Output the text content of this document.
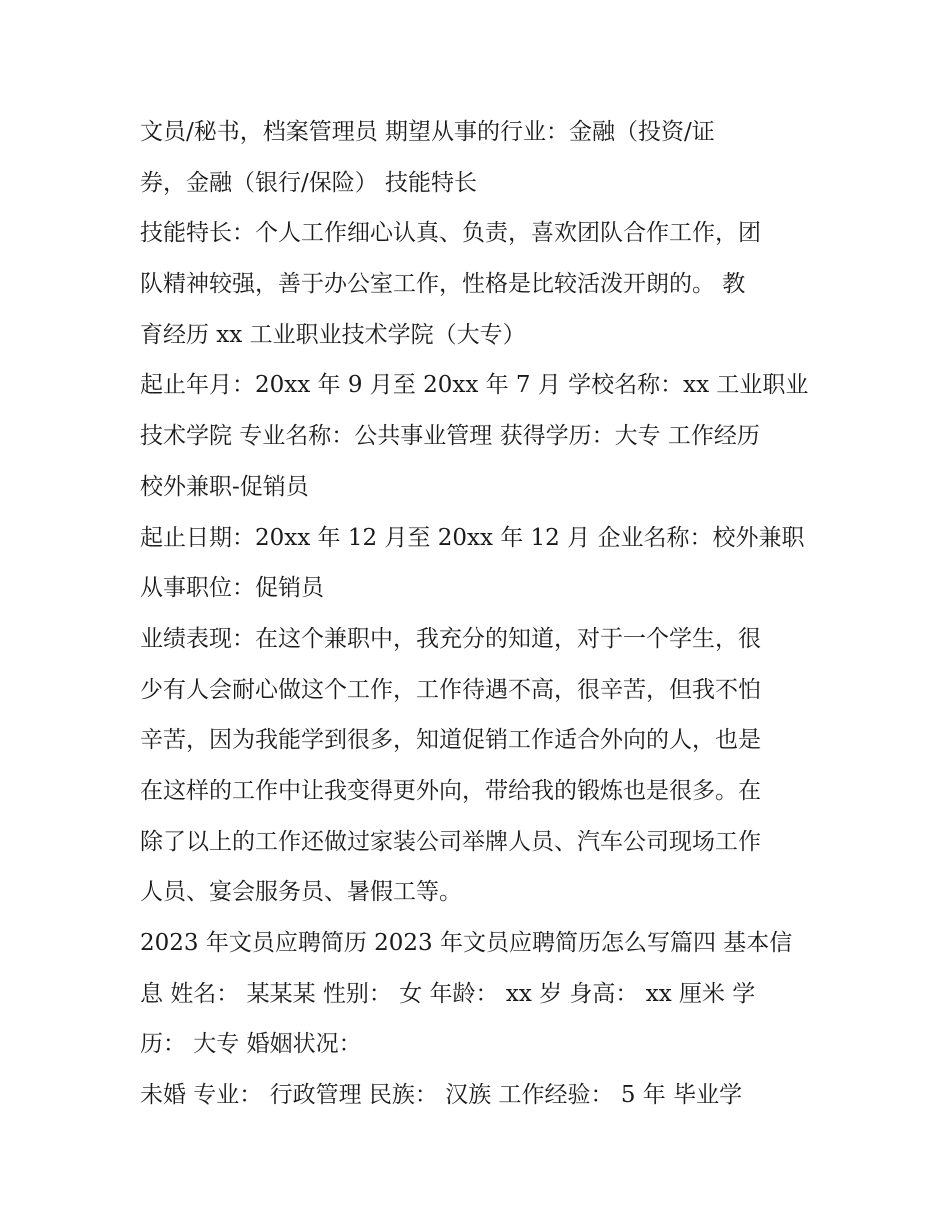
文员/秘书，档案管理员 期望从事的行业：金融（投资/证
券，金融（银行/保险） 技能特长
技能特长：个人工作细心认真、负责，喜欢团队合作工作，团
队精神较强，善于办公室工作，性格是比较活泼开朗的。 教
育经历 xx 工业职业技术学院（大专）
起止年月：20xx 年 9 月至 20xx 年 7 月 学校名称：xx 工业职业
技术学院 专业名称：公共事业管理 获得学历：大专 工作经历
校外兼职-促销员
起止日期：20xx 年 12 月至 20xx 年 12 月 企业名称：校外兼职
从事职位：促销员
业绩表现：在这个兼职中，我充分的知道，对于一个学生，很
少有人会耐心做这个工作，工作待遇不高，很辛苦，但我不怕
辛苦，因为我能学到很多，知道促销工作适合外向的人，也是
在这样的工作中让我变得更外向，带给我的锻炼也是很多。在
除了以上的工作还做过家装公司举牌人员、汽车公司现场工作
人员、宴会服务员、暑假工等。
2023 年文员应聘简历 2023 年文员应聘简历怎么写篇四 基本信
息 姓名： 某某某 性别： 女 年龄： xx 岁 身高： xx 厘米 学
历： 大专 婚姻状况：
未婚 专业： 行政管理 民族： 汉族 工作经验： 5 年 毕业学
